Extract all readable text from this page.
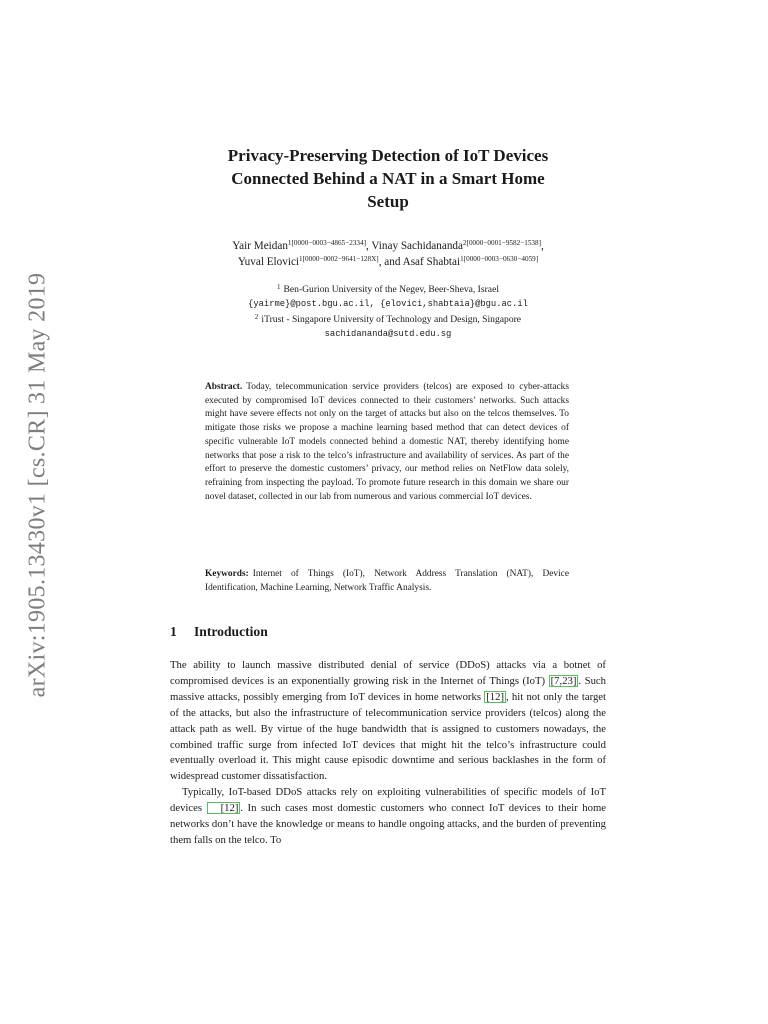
arXiv:1905.13430v1 [cs.CR] 31 May 2019
Privacy-Preserving Detection of IoT Devices
Connected Behind a NAT in a Smart Home
Setup
Yair Meidan$^{1[0000-0003-4865-2334]}$, Vinay Sachidananda$^{2[0000-0001-9582-1538]}$,
Yuval Elovici$^{1[0000-0002-9641-128X]}$, and Asaf Shabtai$^{1[0000-0003-0630-4059]}$
$^1$ Ben-Gurion University of the Negev, Beer-Sheva, Israel
{yairme}@post.bgu.ac.il, {elovici,shabtaia}@bgu.ac.il
$^2$ iTrust - Singapore University of Technology and Design, Singapore
sachidananda@sutd.edu.sg
Abstract. Today, telecommunication service providers (telcos) are exposed to cyber-attacks executed by compromised IoT devices connected to their customers’ networks. Such attacks might have severe effects not only on the target of attacks but also on the telcos themselves. To mitigate those risks we propose a machine learning based method that can detect devices of specific vulnerable IoT models connected behind a domestic NAT, thereby identifying home networks that pose a risk to the telco’s infrastructure and availability of services. As part of the effort to preserve the domestic customers’ privacy, our method relies on NetFlow data solely, refraining from inspecting the payload. To promote future research in this domain we share our novel dataset, collected in our lab from numerous and various commercial IoT devices.
Keywords: Internet of Things (IoT), Network Address Translation (NAT), Device Identification, Machine Learning, Network Traffic Analysis.
1 Introduction

The ability to launch massive distributed denial of service (DDoS) attacks via a botnet of compromised devices is an exponentially growing risk in the Internet of Things (IoT) [7,23] . Such massive attacks, possibly emerging from IoT devices in home networks [12] , hit not only the target of the attacks, but also the infrastructure of telecommunication service providers (telcos) along the attack path as well. By virtue of the huge bandwidth that is assigned to customers nowadays, the combined traffic surge from infected IoT devices that might hit the telco’s infrastructure could eventually overload it. This might cause episodic downtime and serious backlashes in the form of widespread customer dissatisfaction.

Typically, IoT-based DDoS attacks rely on exploiting vulnerabilities of specific models of IoT devices [12] . In such cases most domestic customers who connect IoT devices to their home networks don’t have the knowledge or means to handle ongoing attacks, and the burden of preventing them falls on the telco. To
